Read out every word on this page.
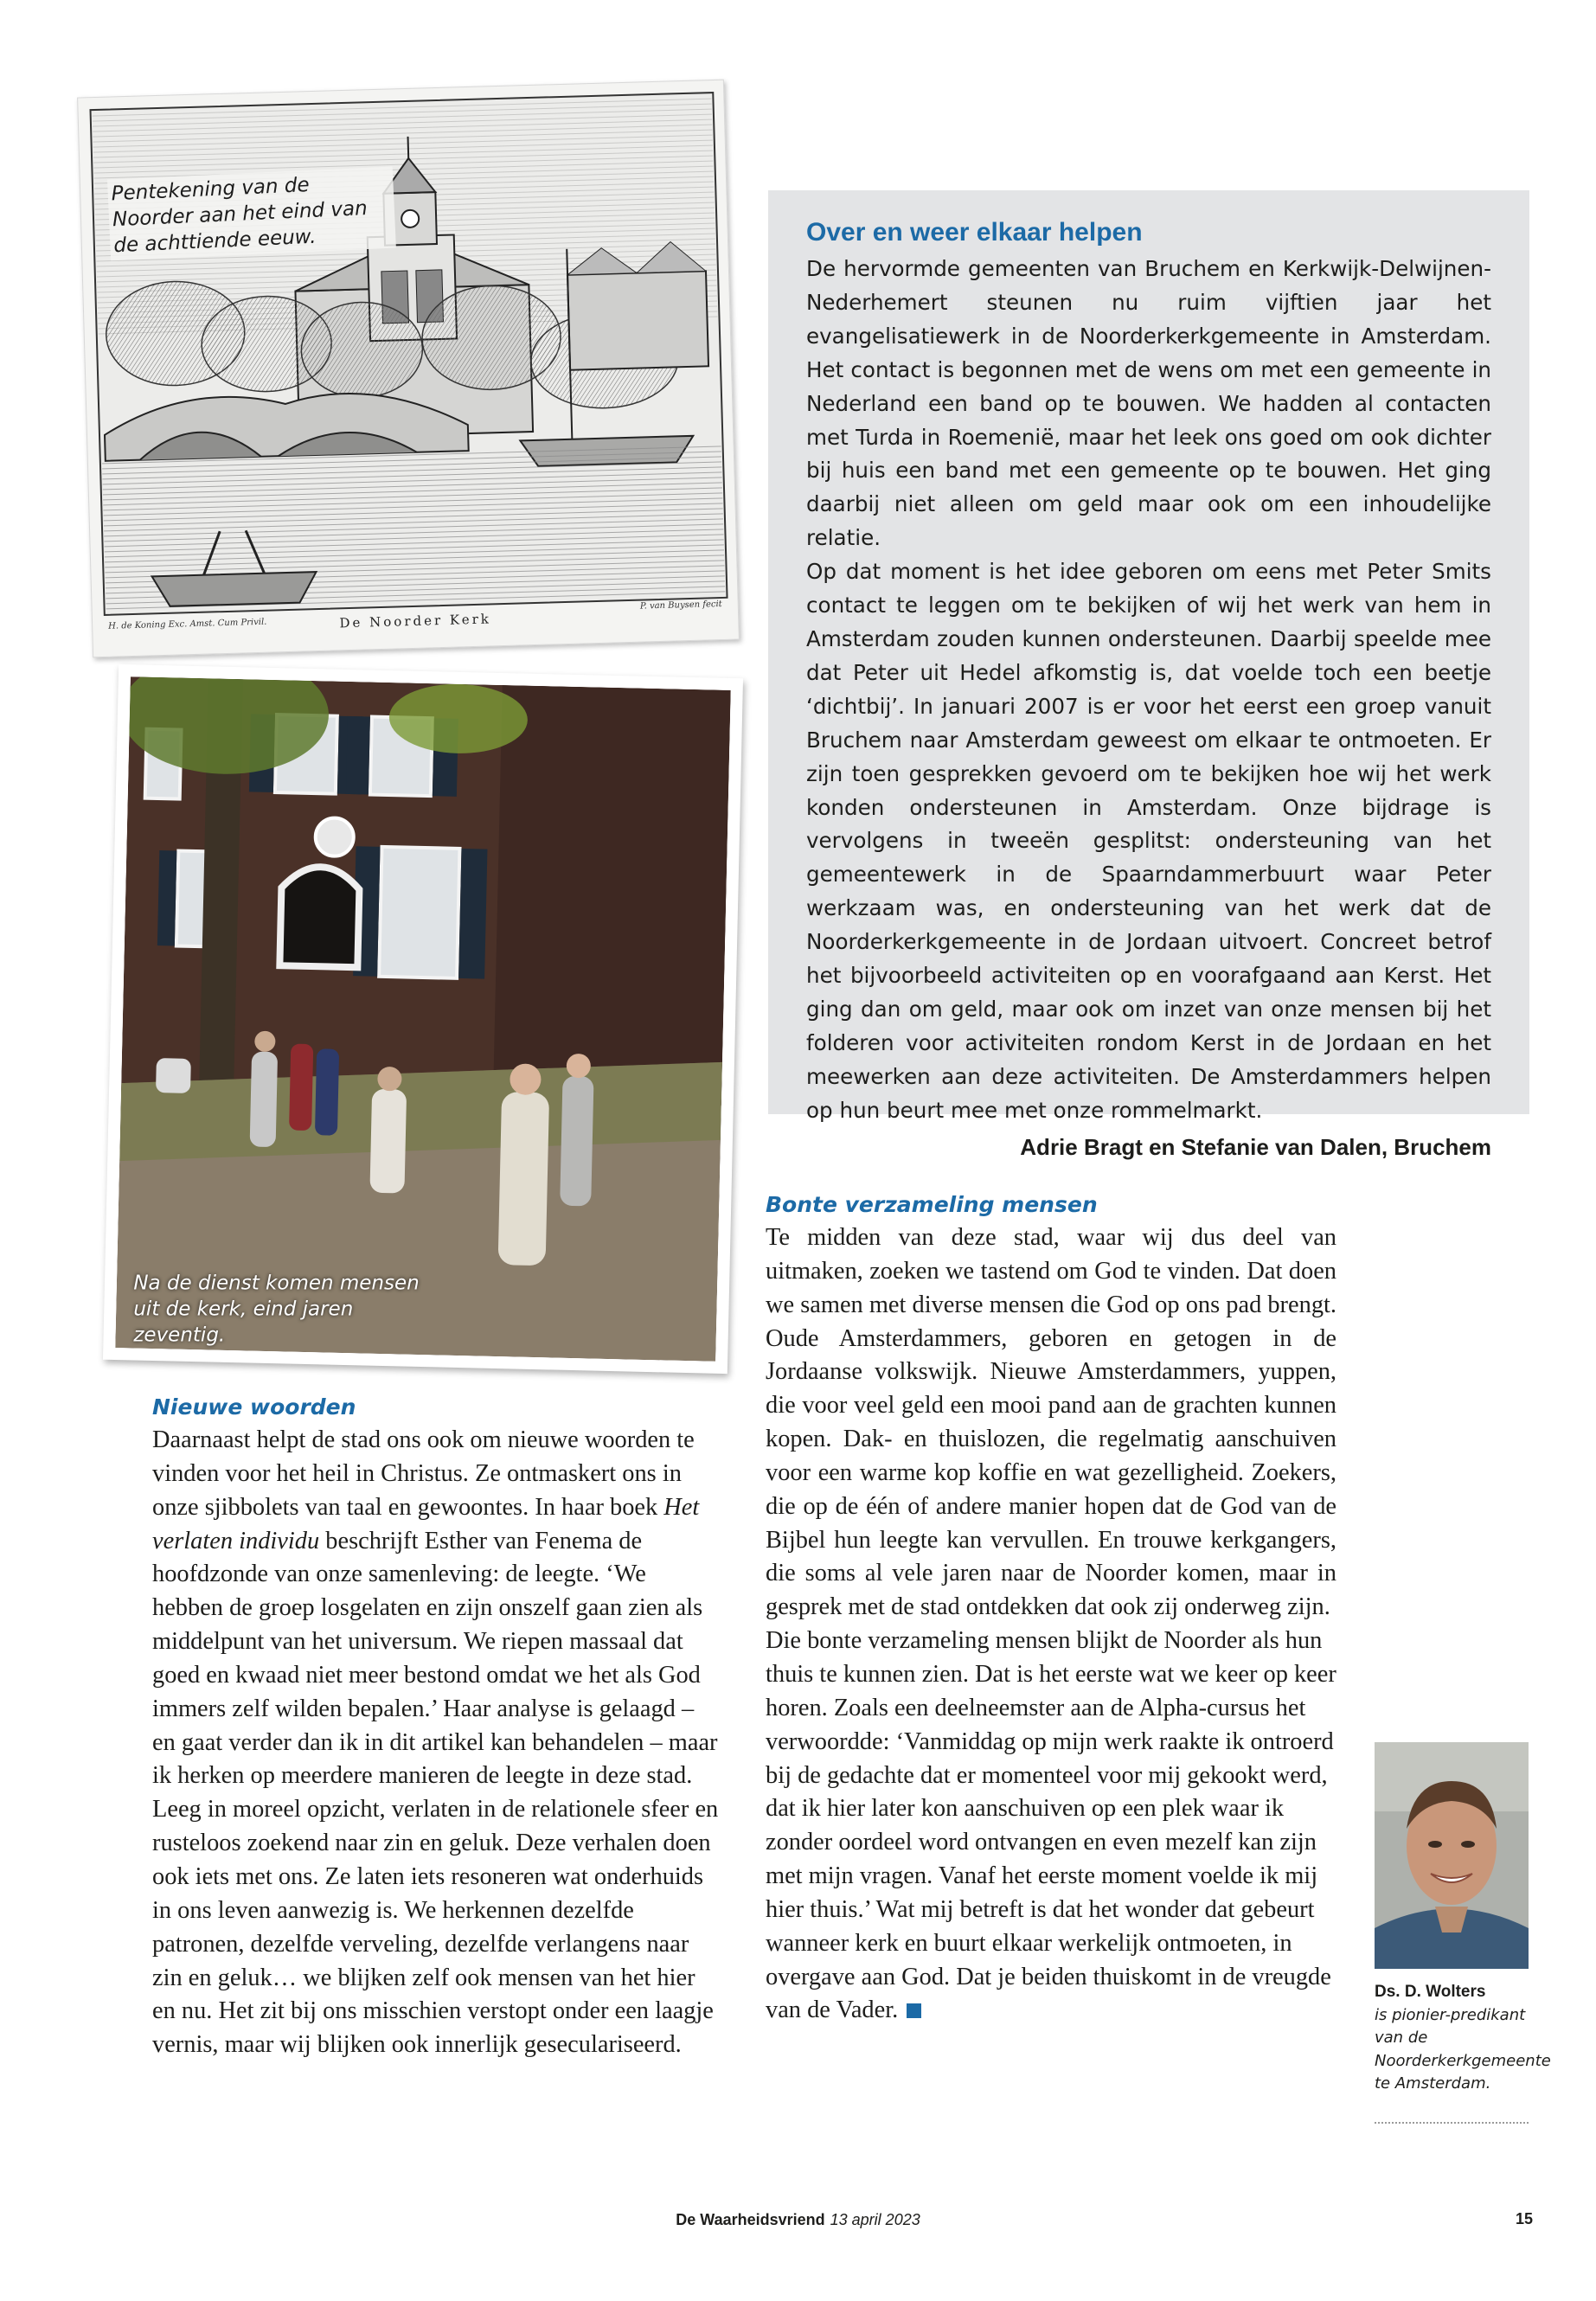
Pentekening van de Noorder aan het eind van de achttiende eeuw.
H. de Koning Exc. Amst. Cum Privil.	De Noorder Kerk
P. van Buysen fecit
Na de dienst komen mensen uit de kerk, eind jaren zeventig.
Over en weer elkaar helpen

De hervormde gemeenten van Bruchem en Kerkwijk-Delwijnen-Nederhemert steunen nu ruim vijftien jaar het evangelisatiewerk in de Noorderkerkgemeente in Amsterdam. Het contact is begonnen met de wens om met een gemeente in Nederland een band op te bouwen. We hadden al contacten met Turda in Roemenië, maar het leek ons goed om ook dichter bij huis een band met een gemeente op te bouwen. Het ging daarbij niet alleen om geld maar ook om een inhoudelijke relatie.

Op dat moment is het idee geboren om eens met Peter Smits contact te leggen om te bekijken of wij het werk van hem in Amsterdam zouden kunnen ondersteunen. Daarbij speelde mee dat Peter uit Hedel afkomstig is, dat voelde toch een beetje ‘dichtbij’. In januari 2007 is er voor het eerst een groep vanuit Bruchem naar Amsterdam geweest om elkaar te ontmoeten. Er zijn toen gesprekken gevoerd om te bekijken hoe wij het werk konden ondersteunen in Amsterdam. Onze bijdrage is vervolgens in tweeën gesplitst: ondersteuning van het gemeentewerk in de Spaarndammerbuurt waar Peter werkzaam was, en ondersteuning van het werk dat de Noorderkerkgemeente in de Jordaan uitvoert. Concreet betrof het bijvoorbeeld activiteiten op en voorafgaand aan Kerst. Het ging dan om geld, maar ook om inzet van onze mensen bij het folderen voor activiteiten rondom Kerst in de Jordaan en het meewerken aan deze activiteiten. De Amsterdammers helpen op hun beurt mee met onze rommelmarkt.

Adrie Bragt en Stefanie van Dalen, Bruchem
Nieuwe woorden

Daarnaast helpt de stad ons ook om nieuwe woorden te vinden voor het heil in Christus. Ze ontmaskert ons in onze sjibbolets van taal en gewoontes. In haar boek Het verlaten individu beschrijft Esther van Fenema de hoofdzonde van onze samenleving: de leegte. ‘We hebben de groep losgelaten en zijn onszelf gaan zien als middelpunt van het universum. We riepen massaal dat goed en kwaad niet meer bestond omdat we het als God immers zelf wilden bepalen.’ Haar analyse is gelaagd – en gaat verder dan ik in dit artikel kan behandelen – maar ik herken op meerdere manieren de leegte in deze stad. Leeg in moreel opzicht, verlaten in de relationele sfeer en rusteloos zoekend naar zin en geluk. Deze verhalen doen ook iets met ons. Ze laten iets resoneren wat onderhuids in ons leven aanwezig is. We herkennen dezelfde patronen, dezelfde verveling, dezelfde verlangens naar zin en geluk… we blijken zelf ook mensen van het hier en nu. Het zit bij ons misschien verstopt onder een laagje vernis, maar wij blijken ook innerlijk geseculariseerd.

Bonte verzameling mensen

Te midden van deze stad, waar wij dus deel van uitmaken, zoeken we tastend om God te vinden. Dat doen we samen met diverse mensen die God op ons pad brengt. Oude Amsterdammers, geboren en getogen in de Jordaanse volkswijk. Nieuwe Amsterdammers, yuppen, die voor veel geld een mooi pand aan de grachten kunnen kopen. Dak- en thuislozen, die regelmatig aanschuiven voor een warme kop koffie en wat gezelligheid. Zoekers, die op de één of andere manier hopen dat de God van de Bijbel hun leegte kan vervullen. En trouwe kerkgangers, die soms al vele jaren naar de Noorder komen, maar in gesprek met de stad ontdekken dat ook zij onderweg zijn.

Die bonte verzameling mensen blijkt de Noorder als hun thuis te kunnen zien. Dat is het eerste wat we keer op keer horen. Zoals een deelneemster aan de Alpha-cursus het verwoordde: ‘Vanmiddag op mijn werk raakte ik ontroerd bij de gedachte dat er momenteel voor mij gekookt werd, dat ik hier later kon aanschuiven op een plek waar ik zonder oordeel word ontvangen en even mezelf kan zijn met mijn vragen. Vanaf het eerste moment voelde ik mij hier thuis.’ Wat mij betreft is dat het wonder dat gebeurt wanneer kerk en buurt elkaar werkelijk ontmoeten, in overgave aan God. Dat je beiden thuiskomt in de vreugde van de Vader.

Ds. D. Wolters
is pionier-predikant van de Noorderkerkgemeente te Amsterdam.
De Waarheidsvriend 13 april 2023	15
